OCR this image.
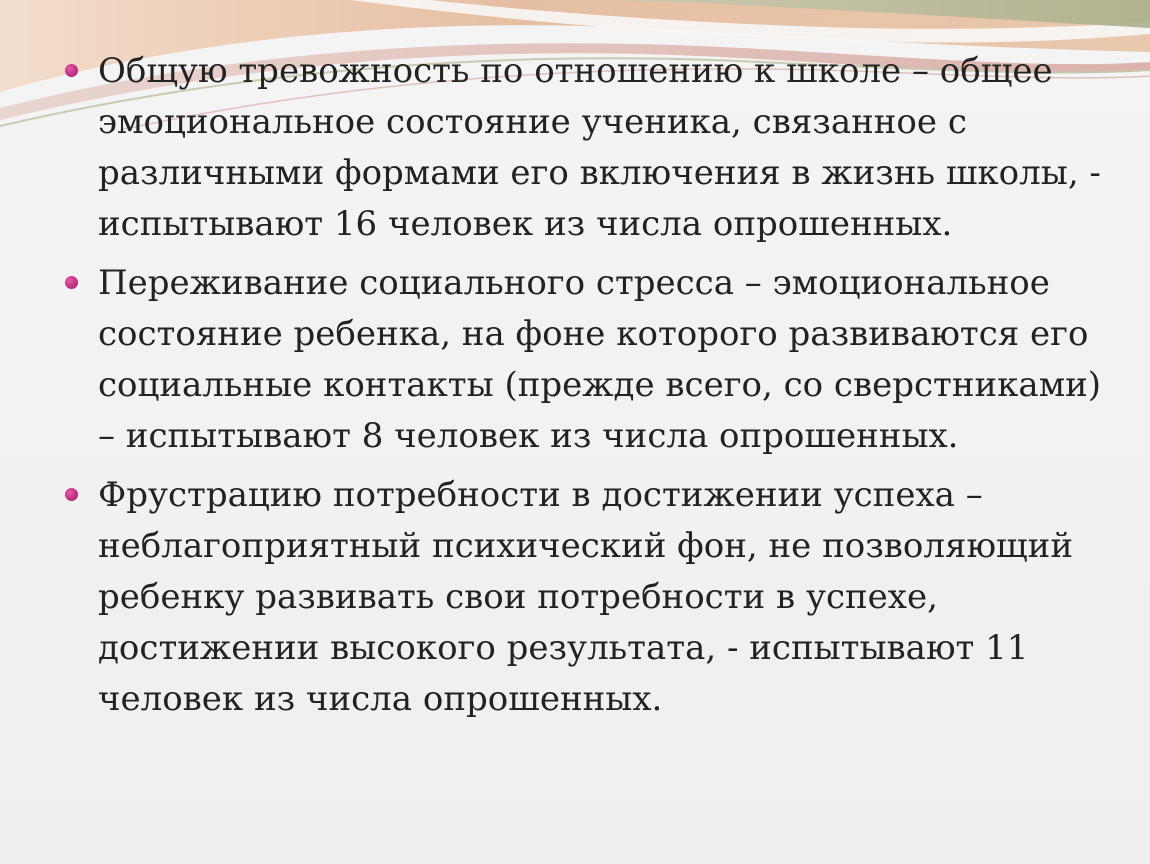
Общую тревожность по отношению к школе – общее эмоциональное состояние ученика, связанное с различными формами его включения в жизнь школы, - испытывают 16 человек из числа опрошенных.
Переживание социального стресса – эмоциональное состояние ребенка, на фоне которого развиваются его социальные контакты (прежде всего, со сверстниками) – испытывают 8 человек из числа опрошенных.
Фрустрацию потребности в достижении успеха – неблагоприятный психический фон, не позволяющий ребенку развивать свои потребности в успехе, достижении высокого результата, - испытывают 11 человек из числа опрошенных.
